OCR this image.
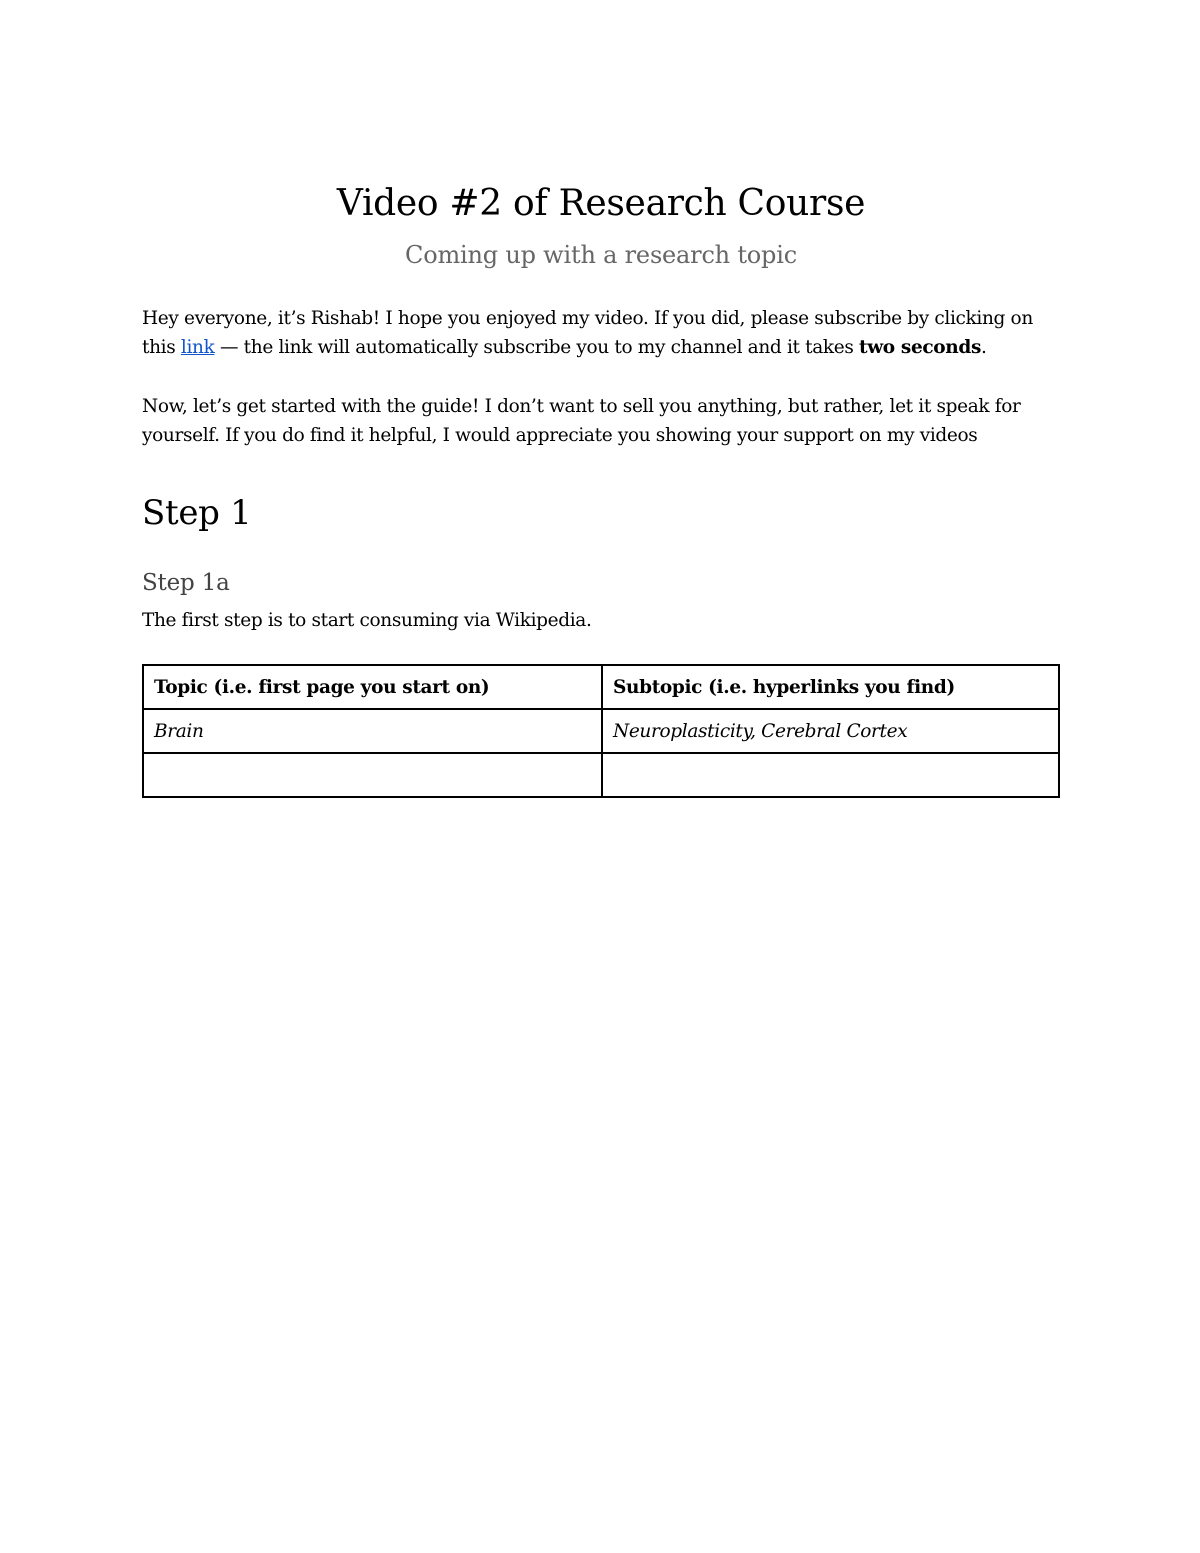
Video #2 of Research Course

Coming up with a research topic

Hey everyone, it’s Rishab! I hope you enjoyed my video. If you did, please subscribe by clicking on this link — the link will automatically subscribe you to my channel and it takes two seconds.

Now, let’s get started with the guide! I don’t want to sell you anything, but rather, let it speak for yourself. If you do find it helpful, I would appreciate you showing your support on my videos

Step 1
Step 1a

The first step is to start consuming via Wikipedia.

Topic (i.e. first page you start on)	Subtopic (i.e. hyperlinks you find)
Brain	Neuroplasticity, Cerebral Cortex
